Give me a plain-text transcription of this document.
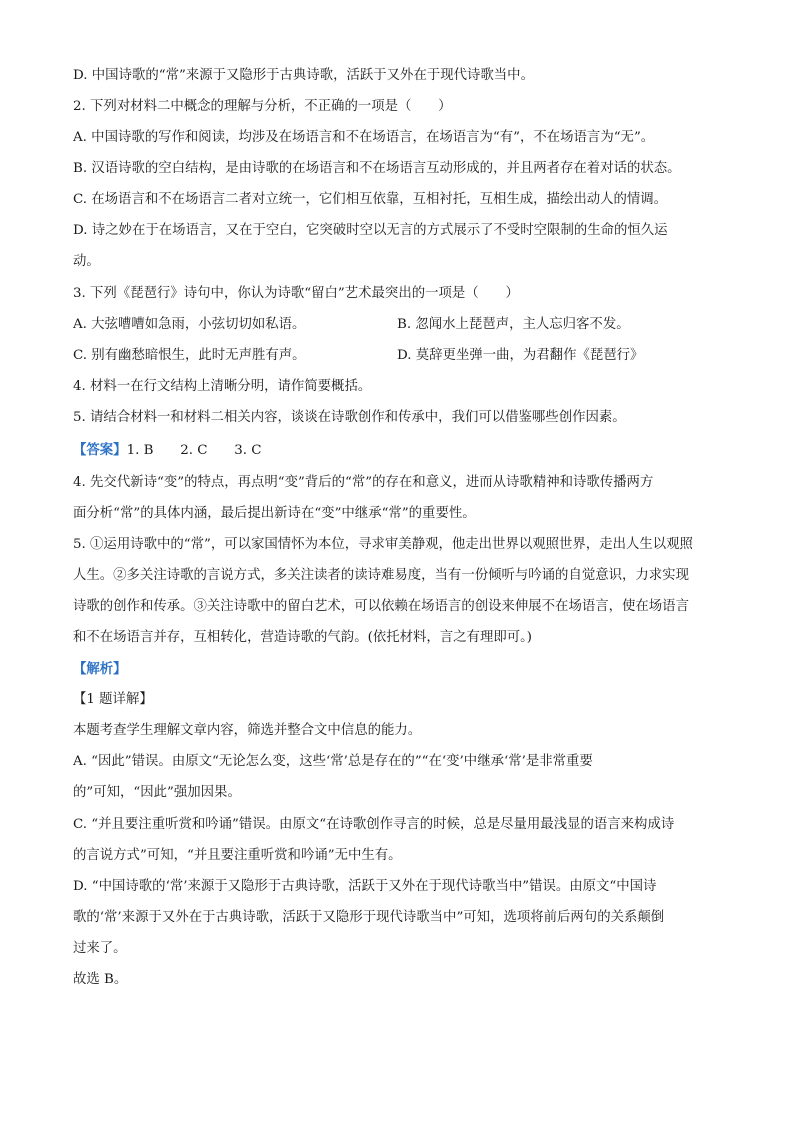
D. 中国诗歌的“常”来源于又隐形于古典诗歌，活跃于又外在于现代诗歌当中。
2. 下列对材料二中概念的理解与分析，不正确的一项是（　　）
A. 中国诗歌的写作和阅读，均涉及在场语言和不在场语言，在场语言为“有”，不在场语言为“无”。
B. 汉语诗歌的空白结构，是由诗歌的在场语言和不在场语言互动形成的，并且两者存在着对话的状态。
C. 在场语言和不在场语言二者对立统一，它们相互依靠，互相衬托，互相生成，描绘出动人的情调。
D. 诗之妙在于在场语言，又在于空白，它突破时空以无言的方式展示了不受时空限制的生命的恒久运
动。
3. 下列《琵琶行》诗句中，你认为诗歌“留白”艺术最突出的一项是（　　）
A. 大弦嘈嘈如急雨，小弦切切如私语。	B. 忽闻水上琵琶声，主人忘归客不发。
C. 别有幽愁暗恨生，此时无声胜有声。	D. 莫辞更坐弹一曲，为君翻作《琵琶行》
4. 材料一在行文结构上清晰分明，请作简要概括。
5. 请结合材料一和材料二相关内容，谈谈在诗歌创作和传承中，我们可以借鉴哪些创作因素。
【答案】1. B　　2. C　　3. C
4. 先交代新诗“变”的特点，再点明“变”背后的“常”的存在和意义，进而从诗歌精神和诗歌传播两方
面分析“常”的具体内涵，最后提出新诗在“变”中继承“常”的重要性。
5. ①运用诗歌中的“常”，可以家国情怀为本位，寻求审美静观，他走出世界以观照世界，走出人生以观照
人生。②多关注诗歌的言说方式，多关注读者的读诗难易度，当有一份倾听与吟诵的自觉意识，力求实现
诗歌的创作和传承。③关注诗歌中的留白艺术，可以依赖在场语言的创设来伸展不在场语言，使在场语言
和不在场语言并存，互相转化，营造诗歌的气韵。(依托材料，言之有理即可。)
【解析】
【1 题详解】
本题考查学生理解文章内容，筛选并整合文中信息的能力。
A. “因此”错误。由原文“无论怎么变，这些‘常’总是存在的”“在‘变’中继承‘常’是非常重要
的”可知，“因此”强加因果。
C. “并且要注重听赏和吟诵”错误。由原文“在诗歌创作寻言的时候，总是尽量用最浅显的语言来构成诗
的言说方式”可知，“并且要注重听赏和吟诵”无中生有。
D. “中国诗歌的‘常’来源于又隐形于古典诗歌，活跃于又外在于现代诗歌当中”错误。由原文“中国诗
歌的‘常’来源于又外在于古典诗歌，活跃于又隐形于现代诗歌当中”可知，选项将前后两句的关系颠倒
过来了。
故选 B。
